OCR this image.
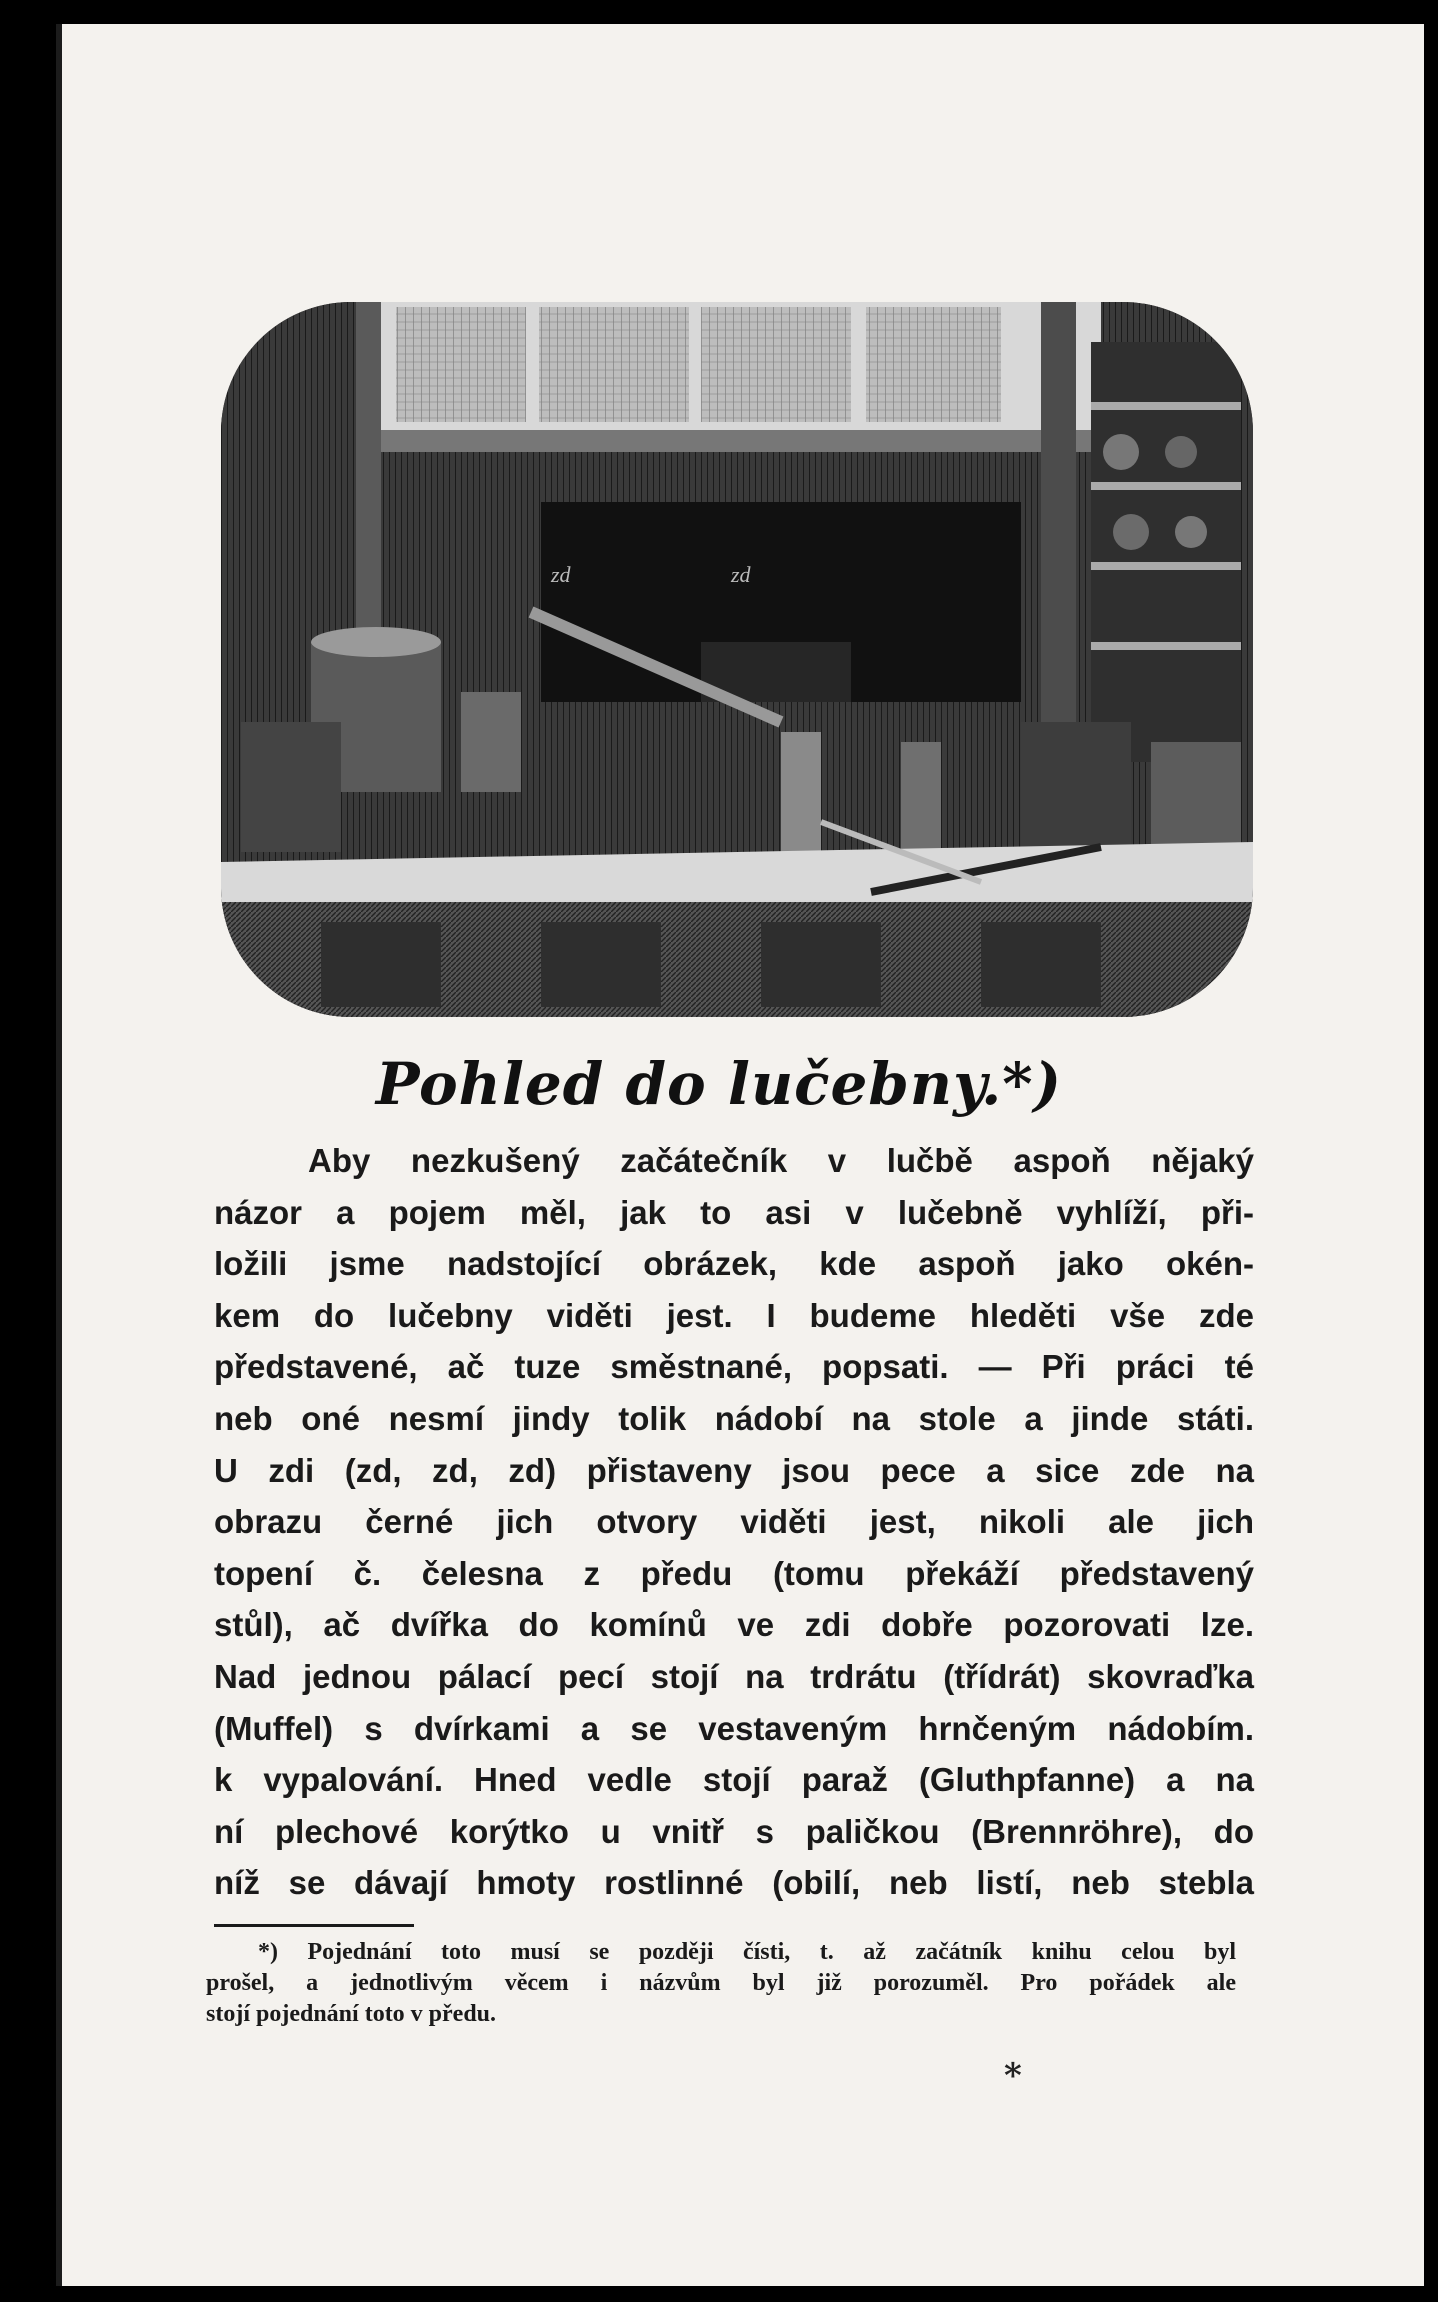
zd	zd
Pohled do lučebny.*)
Aby nezkušený začátečník v lučbě aspoň nějaký
názor a pojem měl, jak to asi v lučebně vyhlíží, při-
ložili jsme nadstojící obrázek, kde aspoň jako okén-
kem do lučebny viděti jest. I budeme hleděti vše zde
představené, ač tuze směstnané, popsati. — Při práci té
neb oné nesmí jindy tolik nádobí na stole a jinde státi.
U zdi (zd, zd, zd) přistaveny jsou pece a sice zde na
obrazu černé jich otvory viděti jest, nikoli ale jich
topení č. čelesna z předu (tomu překáží představený
stůl), ač dvířka do komínů ve zdi dobře pozorovati lze.
Nad jednou pálací pecí stojí na trdrátu (třídrát) skovraďka
(Muffel) s dvírkami a se vestaveným hrnčeným nádobím.
k vypalování. Hned vedle stojí paraž (Gluthpfanne) a na
ní plechové korýtko u vnitř s paličkou (Brennröhre), do
níž se dávají hmoty rostlinné (obilí, neb listí, neb stebla
*) Pojednání toto musí se později čísti, t. až začátník knihu celou byl
prošel, a jednotlivým věcem i názvům byl již porozuměl. Pro pořádek ale
stojí pojednání toto v předu.
*
